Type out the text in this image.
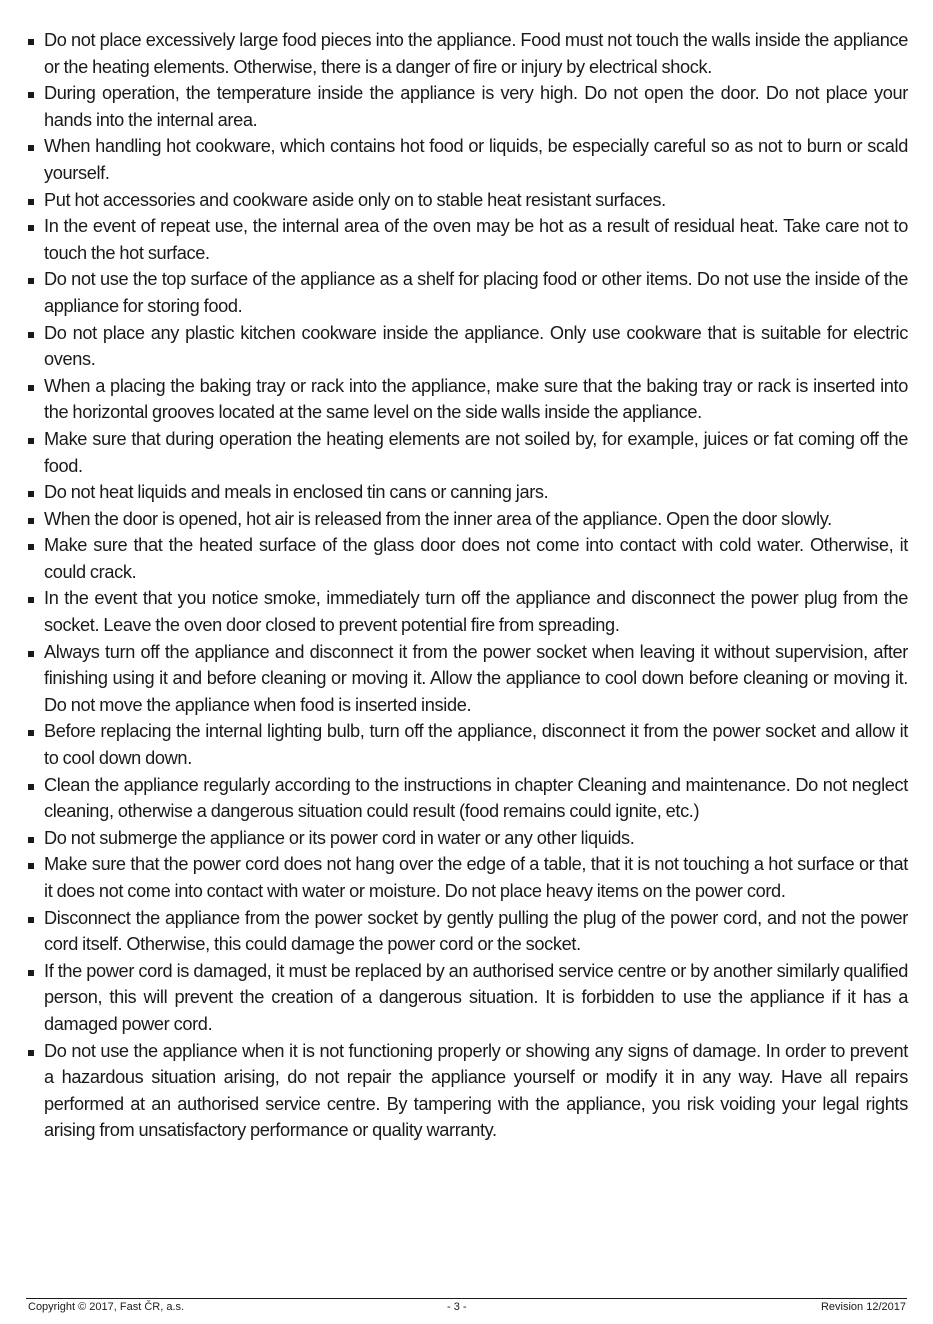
Do not place excessively large food pieces into the appliance. Food must not touch the walls inside the appliance or the heating elements. Otherwise, there is a danger of fire or injury by electrical shock.
During operation, the temperature inside the appliance is very high. Do not open the door. Do not place your hands into the internal area.
When handling hot cookware, which contains hot food or liquids, be especially careful so as not to burn or scald yourself.
Put hot accessories and cookware aside only on to stable heat resistant surfaces.
In the event of repeat use, the internal area of the oven may be hot as a result of residual heat. Take care not to touch the hot surface.
Do not use the top surface of the appliance as a shelf for placing food or other items. Do not use the inside of the appliance for storing food.
Do not place any plastic kitchen cookware inside the appliance. Only use cookware that is suitable for electric ovens.
When a placing the baking tray or rack into the appliance, make sure that the baking tray or rack is inserted into the horizontal grooves located at the same level on the side walls inside the appliance.
Make sure that during operation the heating elements are not soiled by, for example, juices or fat coming off the food.
Do not heat liquids and meals in enclosed tin cans or canning jars.
When the door is opened, hot air is released from the inner area of the appliance. Open the door slowly.
Make sure that the heated surface of the glass door does not come into contact with cold water. Otherwise, it could crack.
In the event that you notice smoke, immediately turn off the appliance and disconnect the power plug from the socket. Leave the oven door closed to prevent potential fire from spreading.
Always turn off the appliance and disconnect it from the power socket when leaving it without supervision, after finishing using it and before cleaning or moving it. Allow the appliance to cool down before cleaning or moving it. Do not move the appliance when food is inserted inside.
Before replacing the internal lighting bulb, turn off the appliance, disconnect it from the power socket and allow it to cool down down.
Clean the appliance regularly according to the instructions in chapter Cleaning and maintenance. Do not neglect cleaning, otherwise a dangerous situation could result (food remains could ignite, etc.)
Do not submerge the appliance or its power cord in water or any other liquids.
Make sure that the power cord does not hang over the edge of a table, that it is not touching a hot surface or that it does not come into contact with water or moisture. Do not place heavy items on the power cord.
Disconnect the appliance from the power socket by gently pulling the plug of the power cord, and not the power cord itself. Otherwise, this could damage the power cord or the socket.
If the power cord is damaged, it must be replaced by an authorised service centre or by another similarly qualified person, this will prevent the creation of a dangerous situation. It is forbidden to use the appliance if it has a damaged power cord.
Do not use the appliance when it is not functioning properly or showing any signs of damage. In order to prevent a hazardous situation arising, do not repair the appliance yourself or modify it in any way. Have all repairs performed at an authorised service centre. By tampering with the appliance, you risk voiding your legal rights arising from unsatisfactory performance or quality warranty.
Copyright © 2017, Fast ČR, a.s.	- 3 -	Revision 12/2017
